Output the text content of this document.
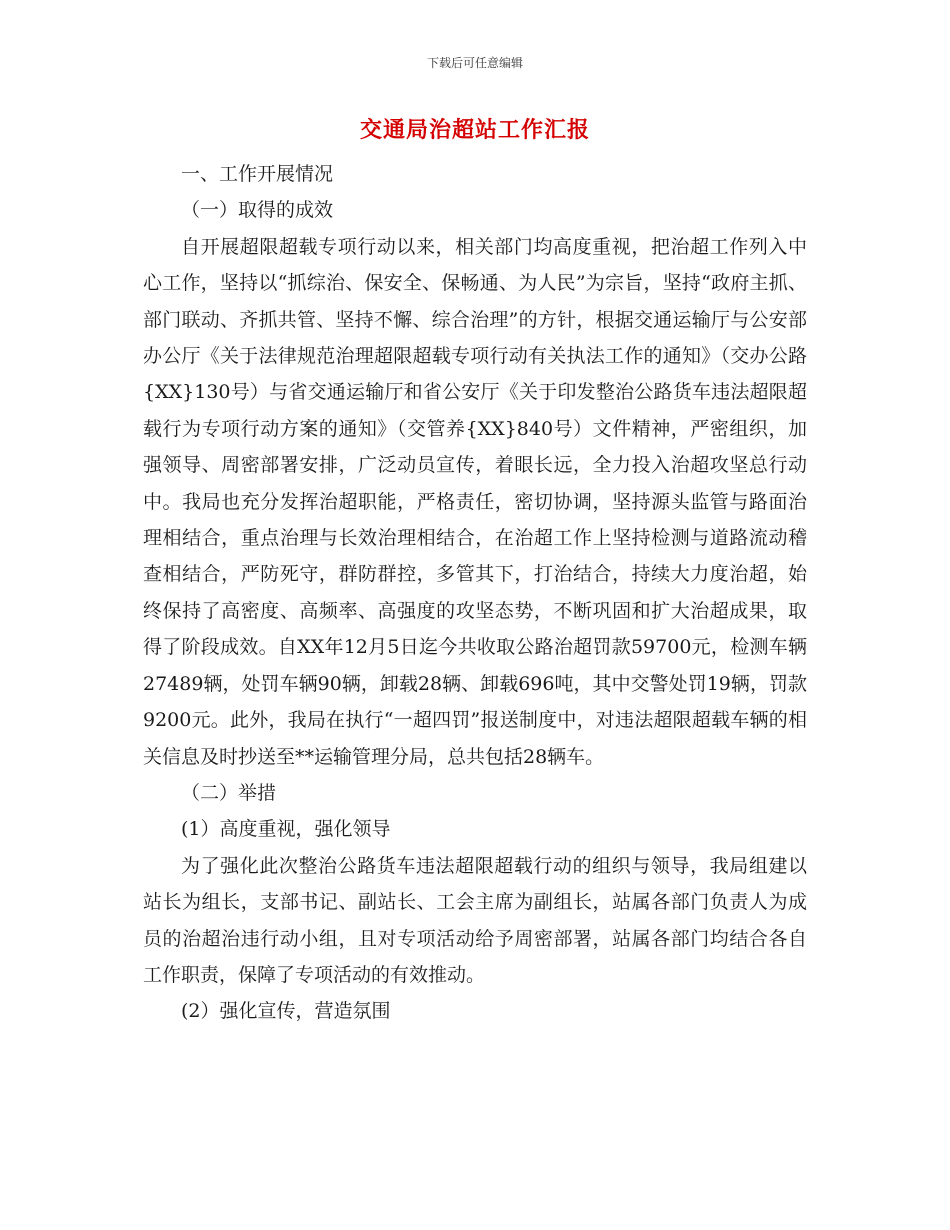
下载后可任意编辑
交通局治超站工作汇报

一、工作开展情况

（一）取得的成效

自开展超限超载专项行动以来，相关部门均高度重视，把治超工作列入中心工作，坚持以“抓综治、保安全、保畅通、为人民”为宗旨，坚持“政府主抓、部门联动、齐抓共管、坚持不懈、综合治理”的方针，根据交通运输厅与公安部办公厅《关于法律规范治理超限超载专项行动有关执法工作的通知》（交办公路{XX}130号）与省交通运输厅和省公安厅《关于印发整治公路货车违法超限超载行为专项行动方案的通知》（交管养{XX}840号）文件精神，严密组织，加强领导、周密部署安排，广泛动员宣传，着眼长远，全力投入治超攻坚总行动中。我局也充分发挥治超职能，严格责任，密切协调，坚持源头监管与路面治理相结合，重点治理与长效治理相结合，在治超工作上坚持检测与道路流动稽查相结合，严防死守，群防群控，多管其下，打治结合，持续大力度治超，始终保持了高密度、高频率、高强度的攻坚态势，不断巩固和扩大治超成果，取得了阶段成效。自XX年12月5日迄今共收取公路治超罚款59700元，检测车辆27489辆，处罚车辆90辆，卸载28辆、卸载696吨，其中交警处罚19辆，罚款9200元。此外，我局在执行“一超四罚”报送制度中，对违法超限超载车辆的相关信息及时抄送至**运输管理分局，总共包括28辆车。

（二）举措

(1）高度重视，强化领导

为了强化此次整治公路货车违法超限超载行动的组织与领导，我局组建以站长为组长，支部书记、副站长、工会主席为副组长，站属各部门负责人为成员的治超治违行动小组，且对专项活动给予周密部署，站属各部门均结合各自工作职责，保障了专项活动的有效推动。

(2）强化宣传，营造氛围
